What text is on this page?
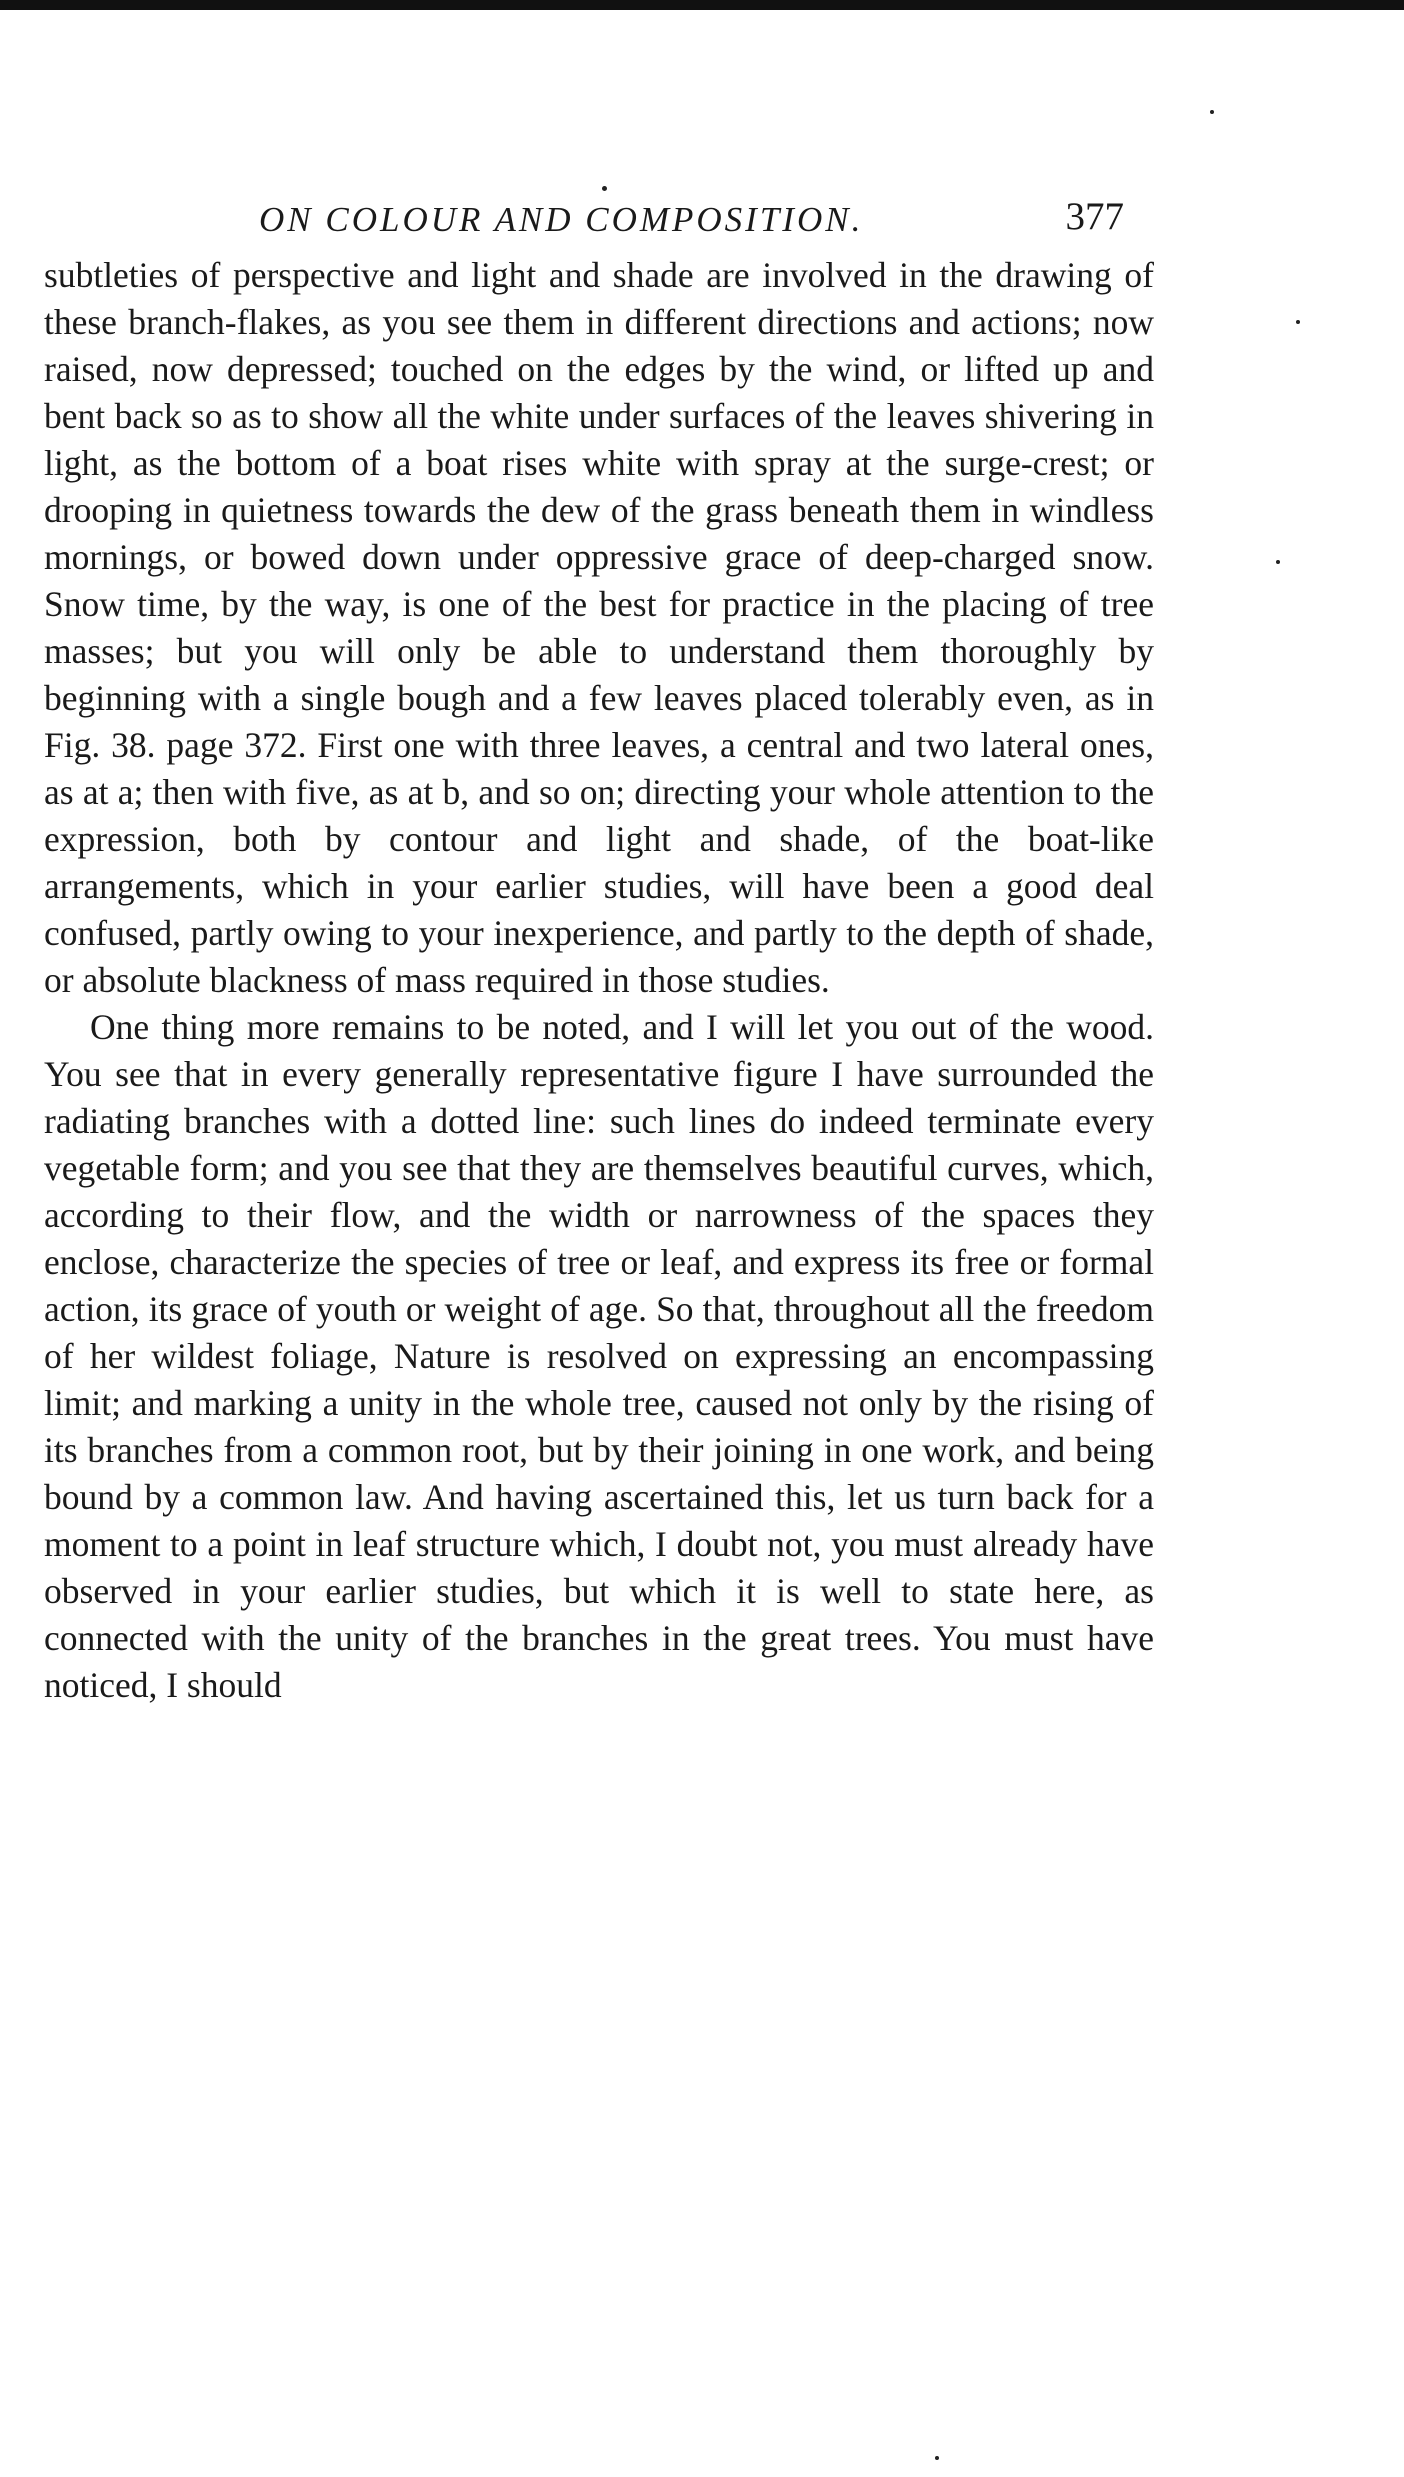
ON COLOUR AND COMPOSITION.	377

subtleties of perspective and light and shade are involved in the drawing of these branch-flakes, as you see them in different directions and actions; now raised, now depressed; touched on the edges by the wind, or lifted up and bent back so as to show all the white under surfaces of the leaves shivering in light, as the bottom of a boat rises white with spray at the surge-crest; or drooping in quietness towards the dew of the grass beneath them in windless mornings, or bowed down under oppressive grace of deep-charged snow. Snow time, by the way, is one of the best for practice in the placing of tree masses; but you will only be able to understand them thoroughly by beginning with a single bough and a few leaves placed tolerably even, as in Fig. 38. page 372. First one with three leaves, a central and two lateral ones, as at a; then with five, as at b, and so on; directing your whole attention to the expression, both by contour and light and shade, of the boat-like arrangements, which in your earlier studies, will have been a good deal confused, partly owing to your inexperience, and partly to the depth of shade, or absolute blackness of mass required in those studies.

One thing more remains to be noted, and I will let you out of the wood. You see that in every generally representative figure I have surrounded the radiating branches with a dotted line: such lines do indeed terminate every vegetable form; and you see that they are themselves beautiful curves, which, according to their flow, and the width or narrowness of the spaces they enclose, characterize the species of tree or leaf, and express its free or formal action, its grace of youth or weight of age. So that, throughout all the freedom of her wildest foliage, Nature is resolved on expressing an encompassing limit; and marking a unity in the whole tree, caused not only by the rising of its branches from a common root, but by their joining in one work, and being bound by a common law. And having ascertained this, let us turn back for a moment to a point in leaf structure which, I doubt not, you must already have observed in your earlier studies, but which it is well to state here, as connected with the unity of the branches in the great trees. You must have noticed, I should
